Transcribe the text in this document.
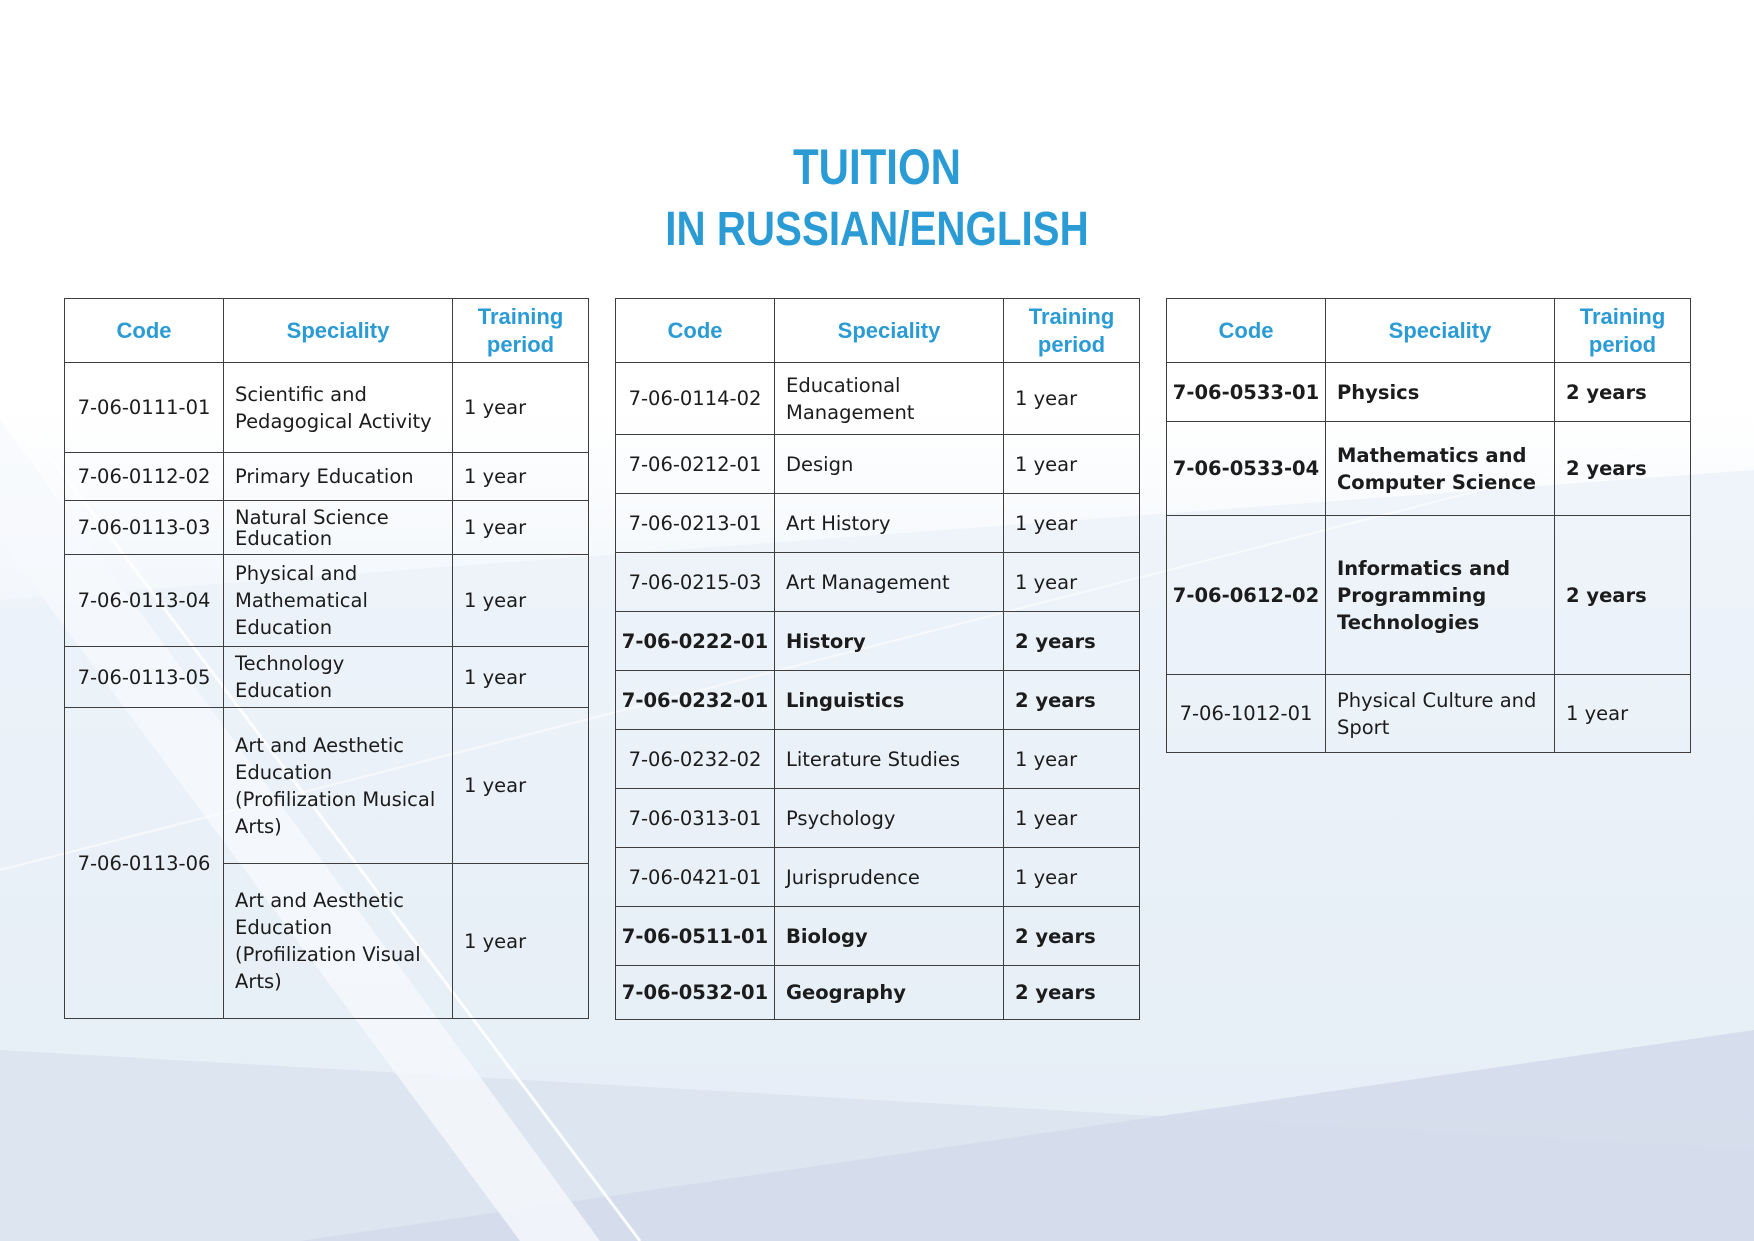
TUITION
IN RUSSIAN/ENGLISH
Code	Speciality	Training period
7-06-0111-01	Scientific and Pedagogical Activity	1 year
7-06-0112-02	Primary Education	1 year
7-06-0113-03	Natural Science Education	1 year
7-06-0113-04	Physical and Mathematical Education	1 year
7-06-0113-05	Technology Education	1 year
7-06-0113-06	Art and Aesthetic Education (Profilization Musical Arts)	1 year
	Art and Aesthetic Education (Profilization Visual Arts)	1 year
Code	Speciality	Training period
7-06-0114-02	Educational Management	1 year
7-06-0212-01	Design	1 year
7-06-0213-01	Art History	1 year
7-06-0215-03	Art Management	1 year
7-06-0222-01	History	2 years
7-06-0232-01	Linguistics	2 years
7-06-0232-02	Literature Studies	1 year
7-06-0313-01	Psychology	1 year
7-06-0421-01	Jurisprudence	1 year
7-06-0511-01	Biology	2 years
7-06-0532-01	Geography	2 years
Code	Speciality	Training period
7-06-0533-01	Physics	2 years
7-06-0533-04	Mathematics and Computer Science	2 years
7-06-0612-02	Informatics and Programming Technologies	2 years
7-06-1012-01	Physical Culture and Sport	1 year
